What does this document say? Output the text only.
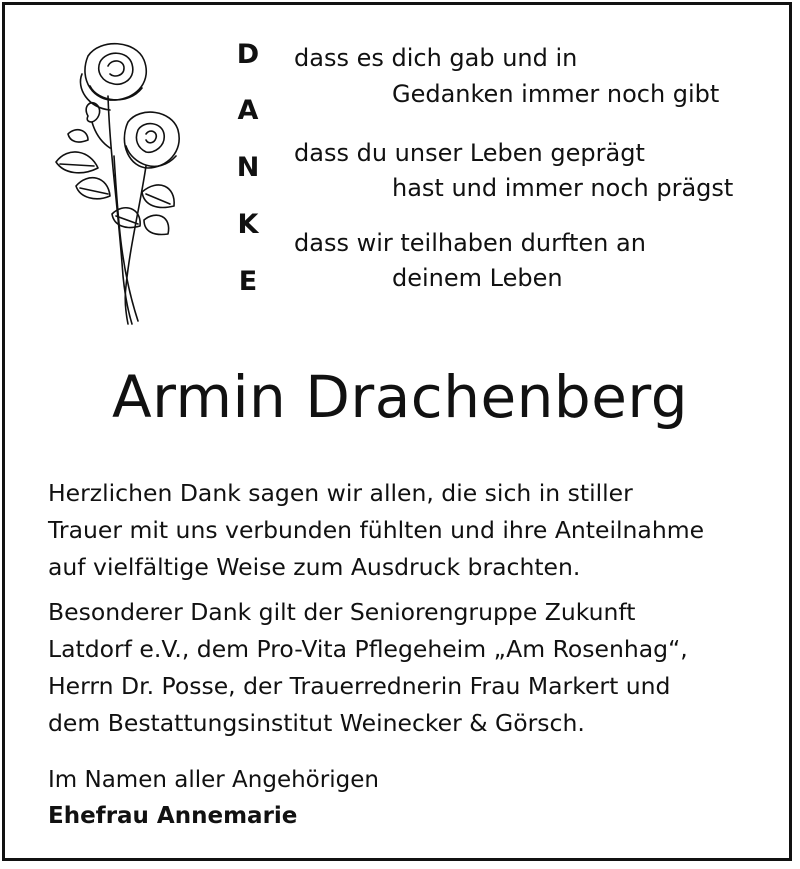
D
A
N
K
E
dass es dich gab und in
Gedanken immer noch gibt
dass du unser Leben geprägt
hast und immer noch prägst
dass wir teilhaben durften an
deinem Leben
Armin Drachenberg
Herzlichen Dank sagen wir allen, die sich in stiller
Trauer mit uns verbunden fühlten und ihre Anteilnahme
auf vielfältige Weise zum Ausdruck brachten.
Besonderer Dank gilt der Seniorengruppe Zukunft
Latdorf e.V., dem Pro-Vita Pflegeheim „Am Rosenhag“,
Herrn Dr. Posse, der Trauerrednerin Frau Markert und
dem Bestattungsinstitut Weinecker & Görsch.
Im Namen aller Angehörigen
Ehefrau Annemarie
